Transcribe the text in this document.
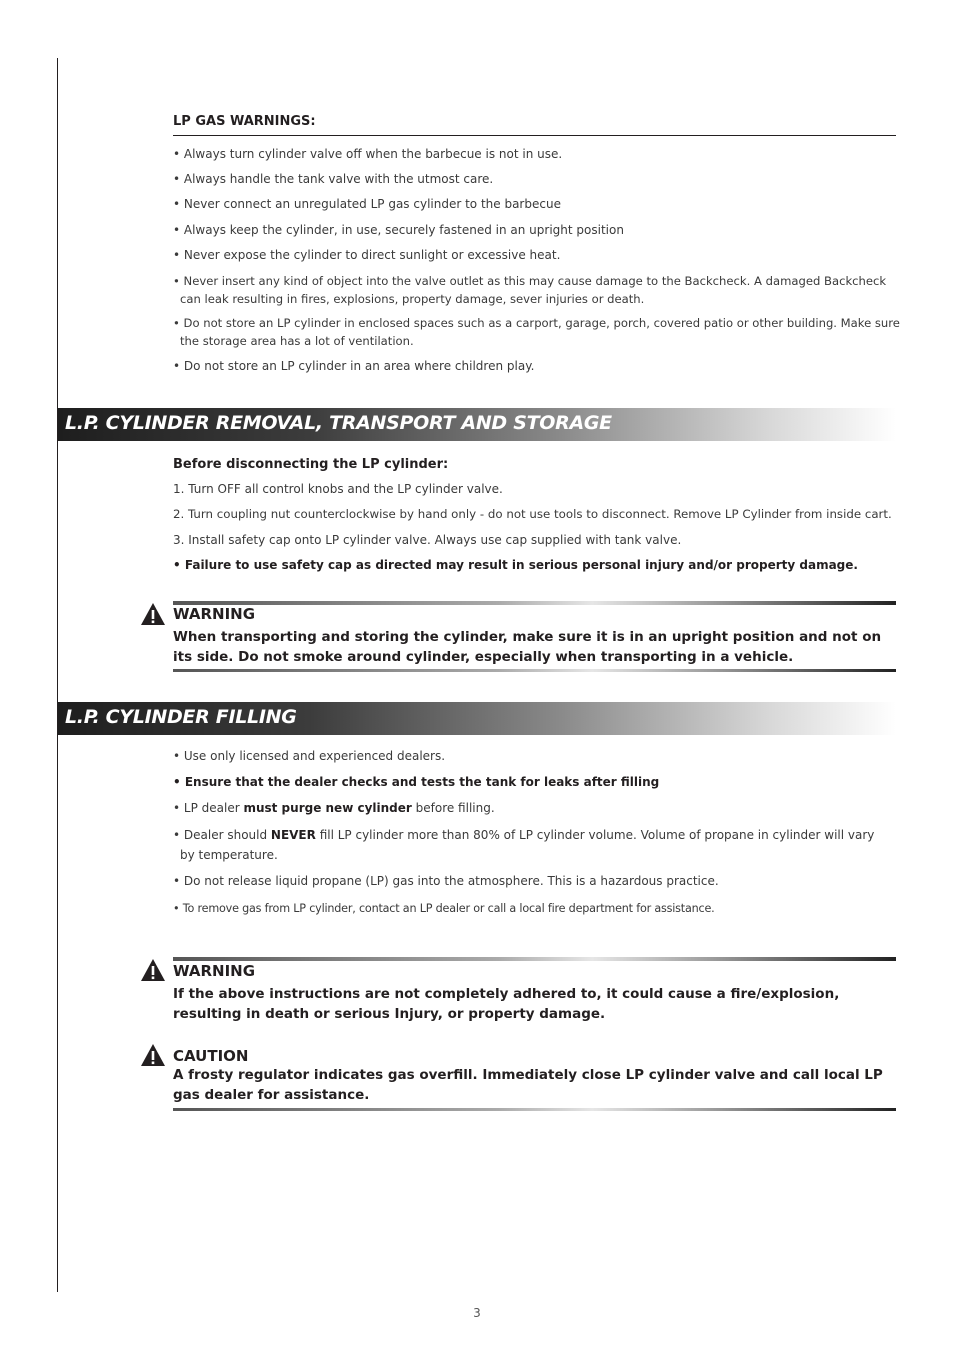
LP GAS WARNINGS:
• Always turn cylinder valve off when the barbecue is not in use.
• Always handle the tank valve with the utmost care.
• Never connect an unregulated LP gas cylinder to the barbecue
• Always keep the cylinder, in use, securely fastened in an upright position
• Never expose the cylinder to direct sunlight or excessive heat.
• Never insert any kind of object into the valve outlet as this may cause damage to the Backcheck. A damaged Backcheck can leak resulting in fires, explosions, property damage, sever injuries or death.
• Do not store an LP cylinder in enclosed spaces such as a carport, garage, porch, covered patio or other building. Make sure the storage area has a lot of ventilation.
• Do not store an LP cylinder in an area where children play.
L.P. CYLINDER REMOVAL, TRANSPORT AND STORAGE
Before disconnecting the LP cylinder:
1. Turn OFF all control knobs and the LP cylinder valve.
2. Turn coupling nut counterclockwise by hand only - do not use tools to disconnect. Remove LP Cylinder from inside cart.
3. Install safety cap onto LP cylinder valve. Always use cap supplied with tank valve.
• Failure to use safety cap as directed may result in serious personal injury and/or property damage.
WARNING
When transporting and storing the cylinder, make sure it is in an upright position and not on its side. Do not smoke around cylinder, especially when transporting in a vehicle.
L.P. CYLINDER FILLING
• Use only licensed and experienced dealers.
• Ensure that the dealer checks and tests the tank for leaks after filling
• LP dealer must purge new cylinder before filling.
• Dealer should NEVER fill LP cylinder more than 80% of LP cylinder volume. Volume of propane in cylinder will vary
by temperature.
• Do not release liquid propane (LP) gas into the atmosphere. This is a hazardous practice.
• To remove gas from LP cylinder, contact an LP dealer or call a local fire department for assistance.
WARNING
If the above instructions are not completely adhered to, it could cause a fire/explosion, resulting in death or serious Injury, or property damage.
CAUTION
A frosty regulator indicates gas overfill. Immediately close LP cylinder valve and call local LP gas dealer for assistance.
3
